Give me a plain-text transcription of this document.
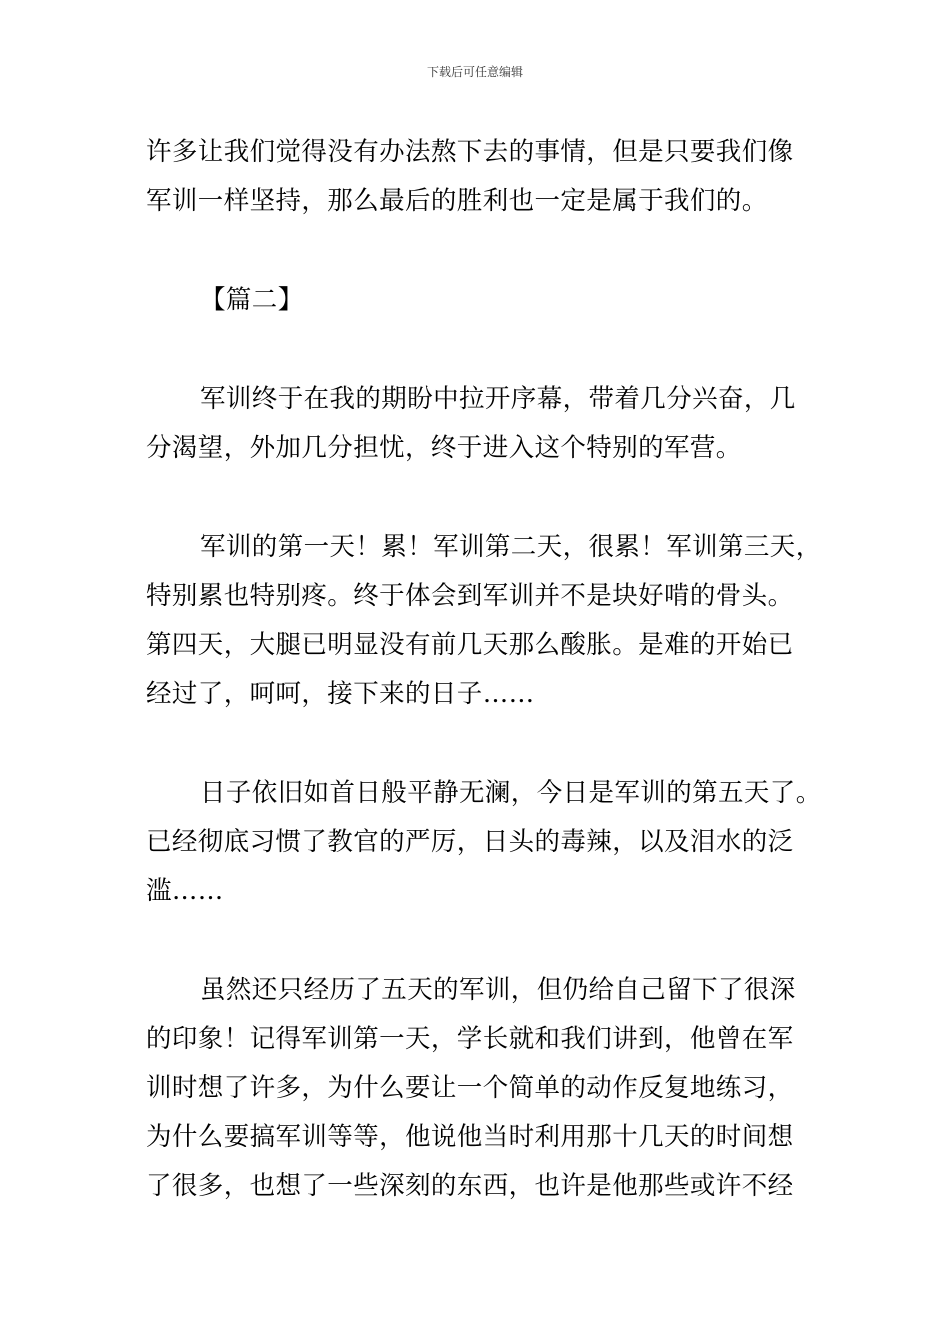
下载后可任意编辑
许多让我们觉得没有办法熬下去的事情，但是只要我们像
军训一样坚持，那么最后的胜利也一定是属于我们的。
【篇二】
军训终于在我的期盼中拉开序幕，带着几分兴奋，几
分渴望，外加几分担忧，终于进入这个特别的军营。
军训的第一天！累！军训第二天，很累！军训第三天，
特别累也特别疼。终于体会到军训并不是块好啃的骨头。
第四天，大腿已明显没有前几天那么酸胀。是难的开始已
经过了，呵呵，接下来的日子……
日子依旧如首日般平静无澜，今日是军训的第五天了。
已经彻底习惯了教官的严厉，日头的毒辣，以及泪水的泛
滥……
虽然还只经历了五天的军训，但仍给自己留下了很深
的印象！记得军训第一天，学长就和我们讲到，他曾在军
训时想了许多，为什么要让一个简单的动作反复地练习，
为什么要搞军训等等，他说他当时利用那十几天的时间想
了很多，也想了一些深刻的东西，也许是他那些或许不经
